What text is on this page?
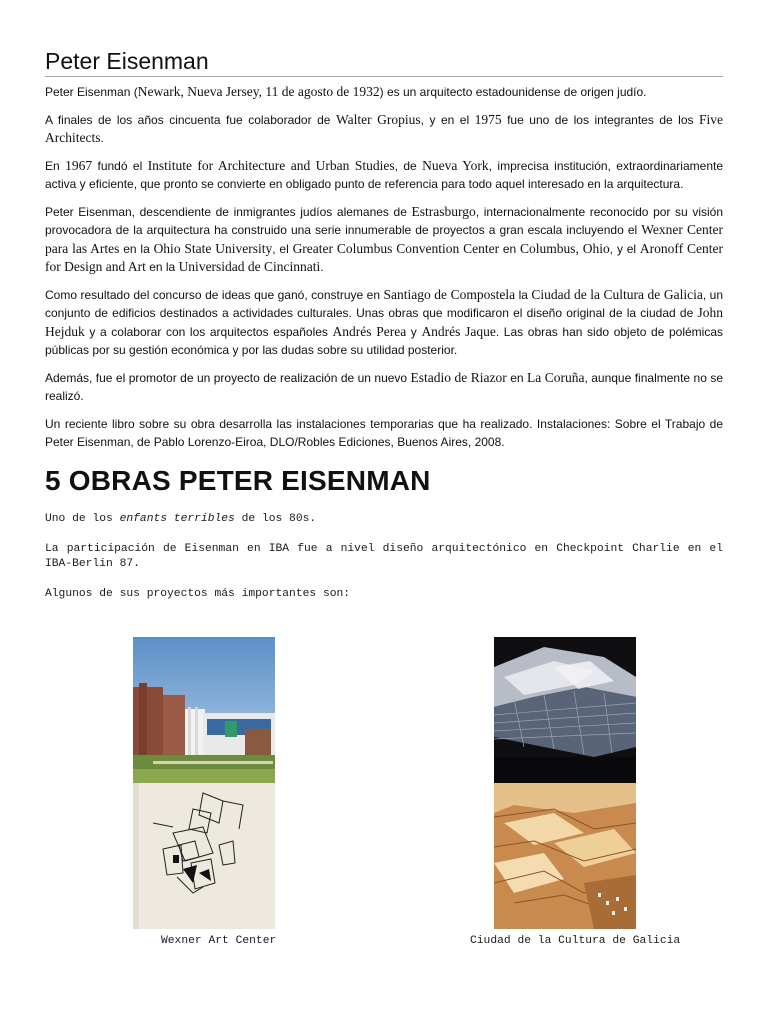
Peter Eisenman

Peter Eisenman (Newark, Nueva Jersey, 11 de agosto de 1932) es un arquitecto estadounidense de origen judío.

A finales de los años cincuenta fue colaborador de Walter Gropius, y en el 1975 fue uno de los integrantes de los Five Architects.

En 1967 fundó el Institute for Architecture and Urban Studies, de Nueva York, imprecisa institución, extraordinariamente activa y eficiente, que pronto se convierte en obligado punto de referencia para todo aquel interesado en la arquitectura.

Peter Eisenman, descendiente de inmigrantes judíos alemanes de Estrasburgo, internacionalmente reconocido por su visión provocadora de la arquitectura ha construido una serie innumerable de proyectos a gran escala incluyendo el Wexner Center para las Artes en la Ohio State University, el Greater Columbus Convention Center en Columbus, Ohio, y el Aronoff Center for Design and Art en la Universidad de Cincinnati.

Como resultado del concurso de ideas que ganó, construye en Santiago de Compostela la Ciudad de la Cultura de Galicia, un conjunto de edificios destinados a actividades culturales. Unas obras que modificaron el diseño original de la ciudad de John Hejduk y a colaborar con los arquitectos españoles Andrés Perea y Andrés Jaque. Las obras han sido objeto de polémicas públicas por su gestión económica y por las dudas sobre su utilidad posterior.

Además, fue el promotor de un proyecto de realización de un nuevo Estadio de Riazor en La Coruña, aunque finalmente no se realizó.

Un reciente libro sobre su obra desarrolla las instalaciones temporarias que ha realizado. Instalaciones: Sobre el Trabajo de Peter Eisenman, de Pablo Lorenzo-Eiroa, DLO/Robles Ediciones, Buenos Aires, 2008.

5 OBRAS PETER EISENMAN

Uno de los enfants terribles de los 80s.

La participación de Eisenman en IBA fue a nivel diseño arquitectónico en Checkpoint Charlie en el IBA-Berlin 87.

Algunos de sus proyectos más importantes son:

Wexner Art Center	Ciudad de la Cultura de Galicia
